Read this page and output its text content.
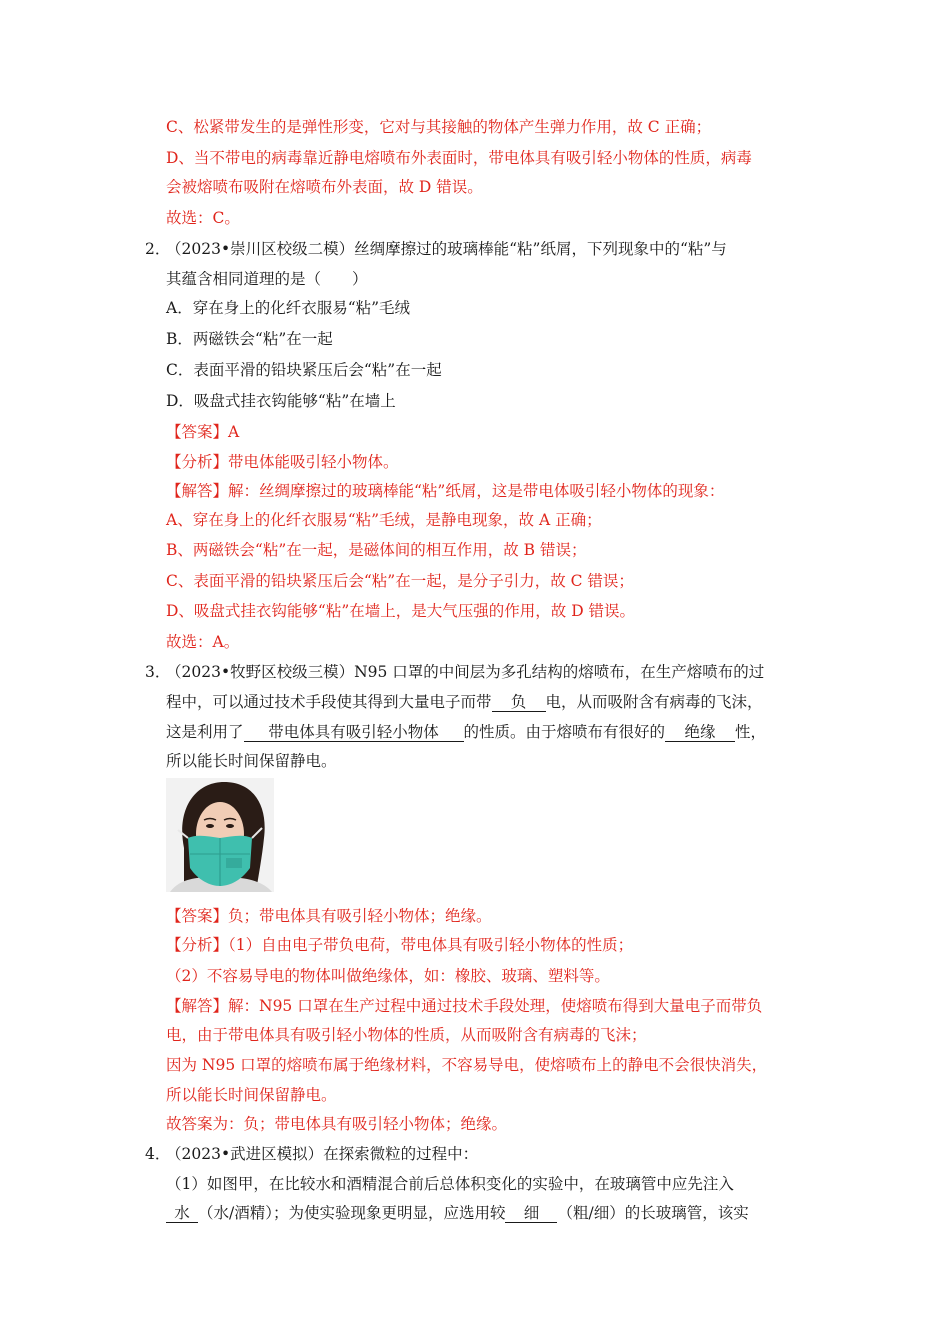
C、松紧带发生的是弹性形变，它对与其接触的物体产生弹力作用，故 C 正确；
D、当不带电的病毒靠近静电熔喷布外表面时，带电体具有吸引轻小物体的性质，病毒
会被熔喷布吸附在熔喷布外表面，故 D 错误。
故选：C。
2．
（2023•崇川区校级二模）丝绸摩擦过的玻璃棒能“粘”纸屑，下列现象中的“粘”与
其蕴含相同道理的是（　　）
A．穿在身上的化纤衣服易“粘”毛绒
B．两磁铁会“粘”在一起
C．表面平滑的铅块紧压后会“粘”在一起
D．吸盘式挂衣钩能够“粘”在墙上
【答案】A
【分析】带电体能吸引轻小物体。
【解答】解：丝绸摩擦过的玻璃棒能“粘”纸屑，这是带电体吸引轻小物体的现象：
A、穿在身上的化纤衣服易“粘”毛绒，是静电现象，故 A 正确；
B、两磁铁会“粘”在一起，是磁体间的相互作用，故 B 错误；
C、表面平滑的铅块紧压后会“粘”在一起，是分子引力，故 C 错误；
D、吸盘式挂衣钩能够“粘”在墙上，是大气压强的作用，故 D 错误。
故选：A。
3．
（2023•牧野区校级三模）N95 口罩的中间层为多孔结构的熔喷布，在生产熔喷布的过
程中，可以通过技术手段使其得到大量电子而带 负 电，从而吸附含有病毒的飞沫，
这是利用了 带电体具有吸引轻小物体 的性质。由于熔喷布有很好的 绝缘 性，
所以能长时间保留静电。
【答案】负；带电体具有吸引轻小物体；绝缘。
【分析】（1）自由电子带负电荷，带电体具有吸引轻小物体的性质；
（2）不容易导电的物体叫做绝缘体，如：橡胶、玻璃、塑料等。
【解答】解：N95 口罩在生产过程中通过技术手段处理，使熔喷布得到大量电子而带负
电，由于带电体具有吸引轻小物体的性质，从而吸附含有病毒的飞沫；
因为 N95 口罩的熔喷布属于绝缘材料，不容易导电，使熔喷布上的静电不会很快消失，
所以能长时间保留静电。
故答案为：负；带电体具有吸引轻小物体；绝缘。
4．
（2023•武进区模拟）在探索微粒的过程中：
（1）如图甲，在比较水和酒精混合前后总体积变化的实验中，在玻璃管中应先注入
水 （水/酒精）；为使实验现象更明显，应选用较 细 （粗/细）的长玻璃管，该实
